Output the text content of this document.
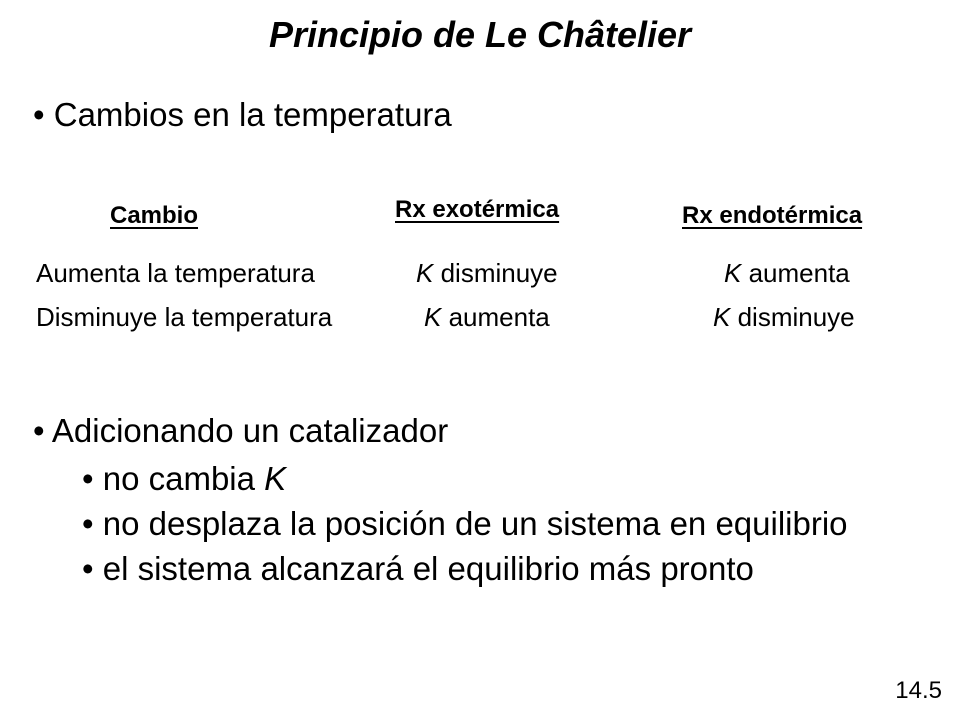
Principio de Le Châtelier
• Cambios en la temperatura
Cambio	Rx exotérmica	Rx endotérmica
Aumenta la temperatura	K disminuye	K aumenta
Disminuye la temperatura	K aumenta	K disminuye
• Adicionando un catalizador
• no cambia K
• no desplaza la posición de un sistema en equilibrio
• el sistema alcanzará el equilibrio más pronto
14.5
